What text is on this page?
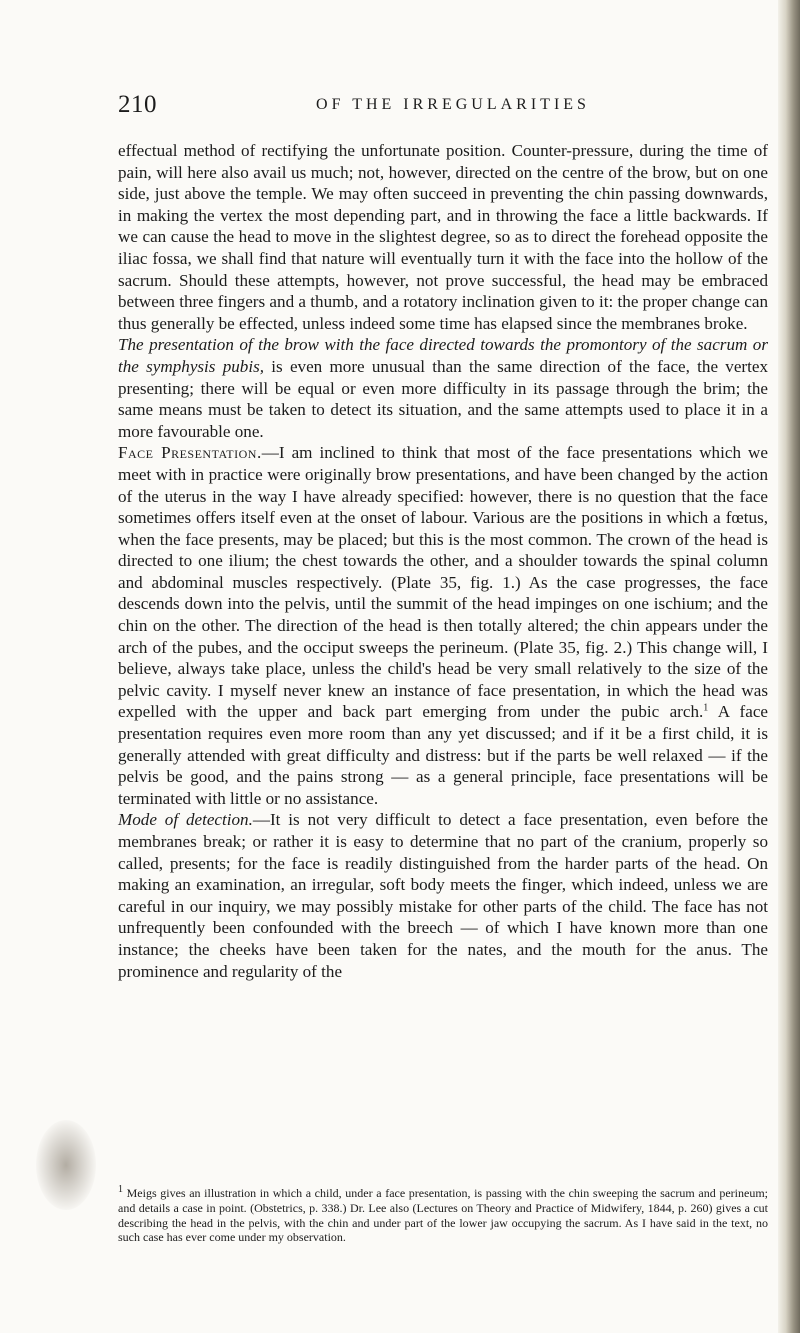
210	OF THE IRREGULARITIES

effectual method of rectifying the unfortunate position. Counter-pressure, during the time of pain, will here also avail us much; not, however, directed on the centre of the brow, but on one side, just above the temple. We may often succeed in preventing the chin passing downwards, in making the vertex the most depending part, and in throwing the face a little backwards. If we can cause the head to move in the slightest degree, so as to direct the forehead opposite the iliac fossa, we shall find that nature will eventually turn it with the face into the hollow of the sacrum. Should these attempts, however, not prove successful, the head may be embraced between three fingers and a thumb, and a rotatory inclination given to it: the proper change can thus generally be effected, unless indeed some time has elapsed since the membranes broke.

The presentation of the brow with the face directed towards the promontory of the sacrum or the symphysis pubis, is even more unusual than the same direction of the face, the vertex presenting; there will be equal or even more difficulty in its passage through the brim; the same means must be taken to detect its situation, and the same attempts used to place it in a more favourable one.

Face Presentation.—I am inclined to think that most of the face presentations which we meet with in practice were originally brow presentations, and have been changed by the action of the uterus in the way I have already specified: however, there is no question that the face sometimes offers itself even at the onset of labour. Various are the positions in which a fœtus, when the face presents, may be placed; but this is the most common. The crown of the head is directed to one ilium; the chest towards the other, and a shoulder towards the spinal column and abdominal muscles respectively. (Plate 35, fig. 1.) As the case progresses, the face descends down into the pelvis, until the summit of the head impinges on one ischium; and the chin on the other. The direction of the head is then totally altered; the chin appears under the arch of the pubes, and the occiput sweeps the perineum. (Plate 35, fig. 2.) This change will, I believe, always take place, unless the child's head be very small relatively to the size of the pelvic cavity. I myself never knew an instance of face presentation, in which the head was expelled with the upper and back part emerging from under the pubic arch.$^1$ A face presentation requires even more room than any yet discussed; and if it be a first child, it is generally attended with great difficulty and distress: but if the parts be well relaxed — if the pelvis be good, and the pains strong — as a general principle, face presentations will be terminated with little or no assistance.

Mode of detection.—It is not very difficult to detect a face presentation, even before the membranes break; or rather it is easy to determine that no part of the cranium, properly so called, presents; for the face is readily distinguished from the harder parts of the head. On making an examination, an irregular, soft body meets the finger, which indeed, unless we are careful in our inquiry, we may possibly mistake for other parts of the child. The face has not unfrequently been confounded with the breech — of which I have known more than one instance; the cheeks have been taken for the nates, and the mouth for the anus. The prominence and regularity of the

$^1$ Meigs gives an illustration in which a child, under a face presentation, is passing with the chin sweeping the sacrum and perineum; and details a case in point. (Obstetrics, p. 338.) Dr. Lee also (Lectures on Theory and Practice of Midwifery, 1844, p. 260) gives a cut describing the head in the pelvis, with the chin and under part of the lower jaw occupying the sacrum. As I have said in the text, no such case has ever come under my observation.
